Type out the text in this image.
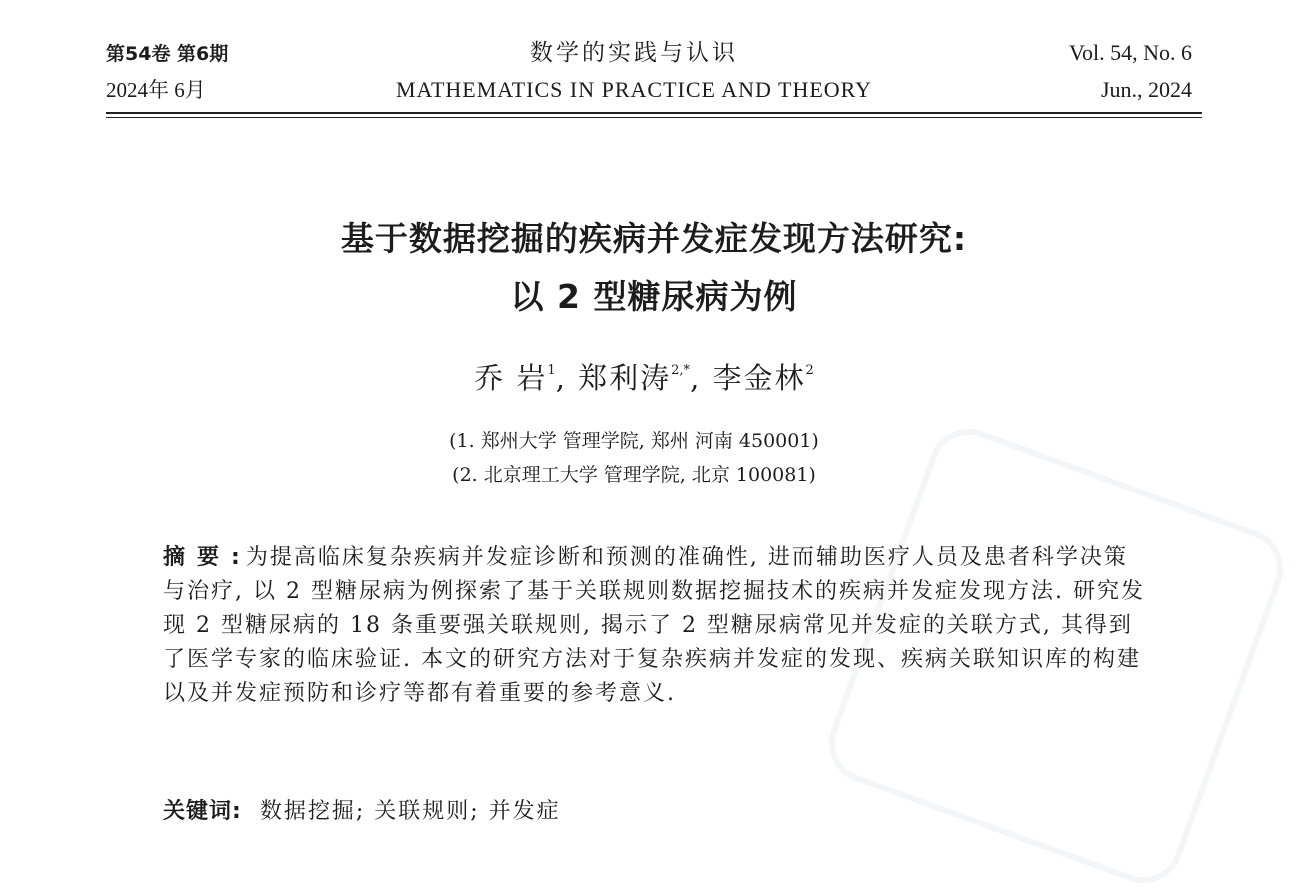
第54卷 第6期	数学的实践与认识	Vol. 54, No. 6
2024年 6月	MATHEMATICS IN PRACTICE AND THEORY	Jun., 2024
基于数据挖掘的疾病并发症发现方法研究:
以 2 型糖尿病为例
乔 岩$^1$, 郑利涛$^{2,*}$, 李金林$^2$
(1. 郑州大学 管理学院, 郑州 河南 450001)
(2. 北京理工大学 管理学院, 北京 100081)
摘要: 为提高临床复杂疾病并发症诊断和预测的准确性, 进而辅助医疗人员及患者科学决策与治疗, 以 2 型糖尿病为例探索了基于关联规则数据挖掘技术的疾病并发症发现方法. 研究发现 2 型糖尿病的 18 条重要强关联规则, 揭示了 2 型糖尿病常见并发症的关联方式, 其得到了医学专家的临床验证. 本文的研究方法对于复杂疾病并发症的发现、疾病关联知识库的构建以及并发症预防和诊疗等都有着重要的参考意义.
关键词: 数据挖掘; 关联规则; 并发症
